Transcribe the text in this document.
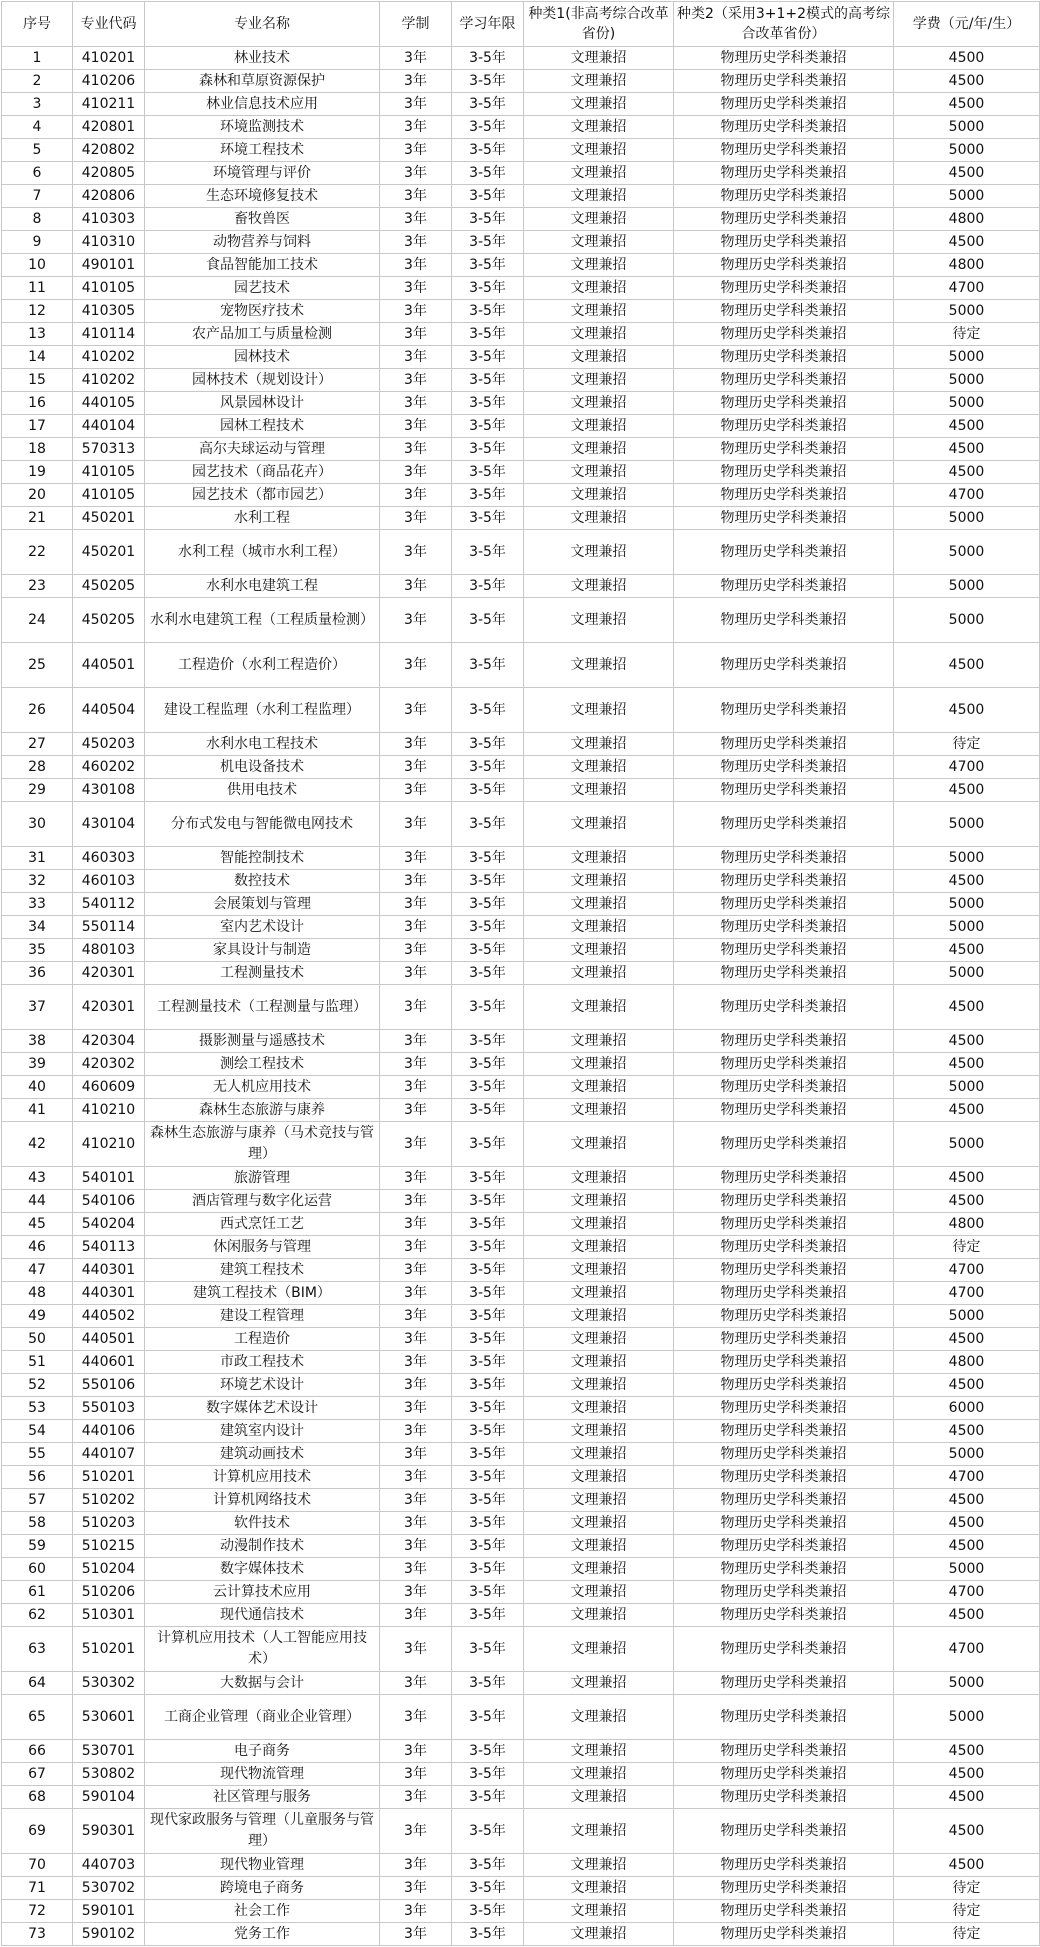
序号	专业代码	专业名称	学制	学习年限	种类1(非高考综合改革省份)	种类2（采用3+1+2模式的高考综合改革省份）	学费（元/年/生）
1	410201	林业技术	3年	3-5年	文理兼招	物理历史学科类兼招	4500
2	410206	森林和草原资源保护	3年	3-5年	文理兼招	物理历史学科类兼招	4500
3	410211	林业信息技术应用	3年	3-5年	文理兼招	物理历史学科类兼招	4500
4	420801	环境监测技术	3年	3-5年	文理兼招	物理历史学科类兼招	5000
5	420802	环境工程技术	3年	3-5年	文理兼招	物理历史学科类兼招	5000
6	420805	环境管理与评价	3年	3-5年	文理兼招	物理历史学科类兼招	4500
7	420806	生态环境修复技术	3年	3-5年	文理兼招	物理历史学科类兼招	5000
8	410303	畜牧兽医	3年	3-5年	文理兼招	物理历史学科类兼招	4800
9	410310	动物营养与饲料	3年	3-5年	文理兼招	物理历史学科类兼招	4500
10	490101	食品智能加工技术	3年	3-5年	文理兼招	物理历史学科类兼招	4800
11	410105	园艺技术	3年	3-5年	文理兼招	物理历史学科类兼招	4700
12	410305	宠物医疗技术	3年	3-5年	文理兼招	物理历史学科类兼招	5000
13	410114	农产品加工与质量检测	3年	3-5年	文理兼招	物理历史学科类兼招	待定
14	410202	园林技术	3年	3-5年	文理兼招	物理历史学科类兼招	5000
15	410202	园林技术（规划设计）	3年	3-5年	文理兼招	物理历史学科类兼招	5000
16	440105	风景园林设计	3年	3-5年	文理兼招	物理历史学科类兼招	5000
17	440104	园林工程技术	3年	3-5年	文理兼招	物理历史学科类兼招	4500
18	570313	高尔夫球运动与管理	3年	3-5年	文理兼招	物理历史学科类兼招	4500
19	410105	园艺技术（商品花卉）	3年	3-5年	文理兼招	物理历史学科类兼招	4500
20	410105	园艺技术（都市园艺）	3年	3-5年	文理兼招	物理历史学科类兼招	4700
21	450201	水利工程	3年	3-5年	文理兼招	物理历史学科类兼招	5000
22	450201	水利工程（城市水利工程）	3年	3-5年	文理兼招	物理历史学科类兼招	5000
23	450205	水利水电建筑工程	3年	3-5年	文理兼招	物理历史学科类兼招	5000
24	450205	水利水电建筑工程（工程质量检测）	3年	3-5年	文理兼招	物理历史学科类兼招	5000
25	440501	工程造价（水利工程造价）	3年	3-5年	文理兼招	物理历史学科类兼招	4500
26	440504	建设工程监理（水利工程监理）	3年	3-5年	文理兼招	物理历史学科类兼招	4500
27	450203	水利水电工程技术	3年	3-5年	文理兼招	物理历史学科类兼招	待定
28	460202	机电设备技术	3年	3-5年	文理兼招	物理历史学科类兼招	4700
29	430108	供用电技术	3年	3-5年	文理兼招	物理历史学科类兼招	4500
30	430104	分布式发电与智能微电网技术	3年	3-5年	文理兼招	物理历史学科类兼招	5000
31	460303	智能控制技术	3年	3-5年	文理兼招	物理历史学科类兼招	5000
32	460103	数控技术	3年	3-5年	文理兼招	物理历史学科类兼招	4500
33	540112	会展策划与管理	3年	3-5年	文理兼招	物理历史学科类兼招	5000
34	550114	室内艺术设计	3年	3-5年	文理兼招	物理历史学科类兼招	5000
35	480103	家具设计与制造	3年	3-5年	文理兼招	物理历史学科类兼招	4500
36	420301	工程测量技术	3年	3-5年	文理兼招	物理历史学科类兼招	5000
37	420301	工程测量技术（工程测量与监理）	3年	3-5年	文理兼招	物理历史学科类兼招	4500
38	420304	摄影测量与遥感技术	3年	3-5年	文理兼招	物理历史学科类兼招	4500
39	420302	测绘工程技术	3年	3-5年	文理兼招	物理历史学科类兼招	4500
40	460609	无人机应用技术	3年	3-5年	文理兼招	物理历史学科类兼招	5000
41	410210	森林生态旅游与康养	3年	3-5年	文理兼招	物理历史学科类兼招	4500
42	410210	森林生态旅游与康养（马术竞技与管理）	3年	3-5年	文理兼招	物理历史学科类兼招	5000
43	540101	旅游管理	3年	3-5年	文理兼招	物理历史学科类兼招	4500
44	540106	酒店管理与数字化运营	3年	3-5年	文理兼招	物理历史学科类兼招	4500
45	540204	西式烹饪工艺	3年	3-5年	文理兼招	物理历史学科类兼招	4800
46	540113	休闲服务与管理	3年	3-5年	文理兼招	物理历史学科类兼招	待定
47	440301	建筑工程技术	3年	3-5年	文理兼招	物理历史学科类兼招	4700
48	440301	建筑工程技术（BIM）	3年	3-5年	文理兼招	物理历史学科类兼招	4700
49	440502	建设工程管理	3年	3-5年	文理兼招	物理历史学科类兼招	5000
50	440501	工程造价	3年	3-5年	文理兼招	物理历史学科类兼招	4500
51	440601	市政工程技术	3年	3-5年	文理兼招	物理历史学科类兼招	4800
52	550106	环境艺术设计	3年	3-5年	文理兼招	物理历史学科类兼招	4500
53	550103	数字媒体艺术设计	3年	3-5年	文理兼招	物理历史学科类兼招	6000
54	440106	建筑室内设计	3年	3-5年	文理兼招	物理历史学科类兼招	4500
55	440107	建筑动画技术	3年	3-5年	文理兼招	物理历史学科类兼招	5000
56	510201	计算机应用技术	3年	3-5年	文理兼招	物理历史学科类兼招	4700
57	510202	计算机网络技术	3年	3-5年	文理兼招	物理历史学科类兼招	4500
58	510203	软件技术	3年	3-5年	文理兼招	物理历史学科类兼招	4500
59	510215	动漫制作技术	3年	3-5年	文理兼招	物理历史学科类兼招	4500
60	510204	数字媒体技术	3年	3-5年	文理兼招	物理历史学科类兼招	5000
61	510206	云计算技术应用	3年	3-5年	文理兼招	物理历史学科类兼招	4700
62	510301	现代通信技术	3年	3-5年	文理兼招	物理历史学科类兼招	4500
63	510201	计算机应用技术（人工智能应用技术）	3年	3-5年	文理兼招	物理历史学科类兼招	4700
64	530302	大数据与会计	3年	3-5年	文理兼招	物理历史学科类兼招	5000
65	530601	工商企业管理（商业企业管理）	3年	3-5年	文理兼招	物理历史学科类兼招	5000
66	530701	电子商务	3年	3-5年	文理兼招	物理历史学科类兼招	4500
67	530802	现代物流管理	3年	3-5年	文理兼招	物理历史学科类兼招	4500
68	590104	社区管理与服务	3年	3-5年	文理兼招	物理历史学科类兼招	4500
69	590301	现代家政服务与管理（儿童服务与管理）	3年	3-5年	文理兼招	物理历史学科类兼招	4500
70	440703	现代物业管理	3年	3-5年	文理兼招	物理历史学科类兼招	4500
71	530702	跨境电子商务	3年	3-5年	文理兼招	物理历史学科类兼招	待定
72	590101	社会工作	3年	3-5年	文理兼招	物理历史学科类兼招	待定
73	590102	党务工作	3年	3-5年	文理兼招	物理历史学科类兼招	待定
